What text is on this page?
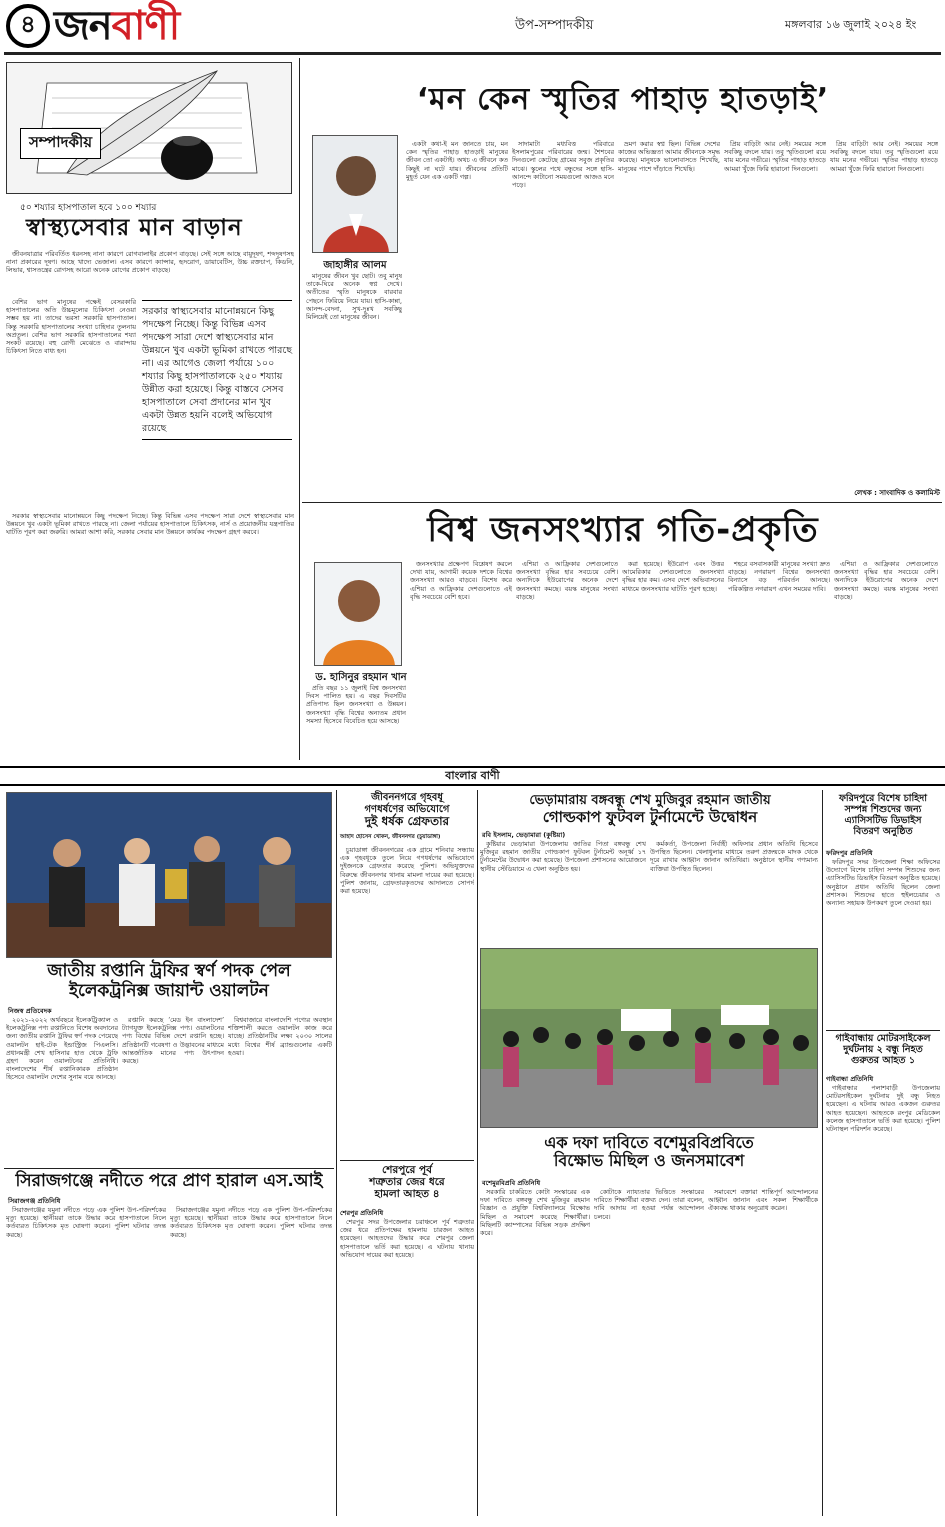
৪ জনবাণী	উপ-সম্পাদকীয়	মঙ্গলবার ১৬ জুলাই ২০২৪ ইং
সম্পাদকীয়
৫০ শয্যার হাসপাতাল হবে ১০০ শয্যার
স্বাস্থ্যসেবার মান বাড়ান

জীবনযাত্রার পরিবর্তিত ধরনসহ নানা কারণে রোগবালাইর প্রকোপ বাড়ছে। সেই সঙ্গে আছে বায়ুদূষণ, শব্দদূষণসহ নানা প্রকারের দূষণ। আছে খাদ্যে ভেজাল। এসব কারণে ক্যান্সার, হৃদরোগ, ডায়াবেটিস, উচ্চ রক্তচাপ, কিডনি, লিভার, শ্বাসতন্ত্রের রোগসহ আরো অনেক রোগের প্রকোপ বাড়ছে।

বেশির ভাগ মানুষের পক্ষেই বেসরকারি হাসপাতালের অতি উচ্চমূল্যের চিকিৎসা নেওয়া সম্ভব হয় না। তাদের ভরসা সরকারি হাসপাতাল। কিন্তু সরকারি হাসপাতালের সংখ্যা চাহিদার তুলনায় অপ্রতুল। বেশির ভাগ সরকারি হাসপাতালের শয্যা সংকট রয়েছে। বহু রোগী মেঝেতে ও বারান্দায় চিকিৎসা নিতে বাধ্য হন।

সরকার স্বাস্থ্যসেবার মানোন্নয়নে কিছু পদক্ষেপ নিচ্ছে। কিন্তু বিভিন্ন এসব পদক্ষেপ সারা দেশে স্বাস্থ্যসেবার মান উন্নয়নে খুব একটা ভূমিকা রাখতে পারছে না। এর আগেও জেলা পর্যায়ে ১০০ শয্যার কিছু হাসপাতালকে ২৫০ শয্যায় উন্নীত করা হয়েছে। কিন্তু বাস্তবে সেসব হাসপাতালে সেবা প্রদানের মান খুব একটা উন্নত হয়নি বলেই অভিযোগ রয়েছে

সরকার স্বাস্থ্যসেবার মানোন্নয়নে কিছু পদক্ষেপ নিচ্ছে। কিন্তু বিভিন্ন এসব পদক্ষেপ সারা দেশে স্বাস্থ্যসেবার মান উন্নয়নে খুব একটা ভূমিকা রাখতে পারছে না। জেলা পর্যায়ের হাসপাতালে চিকিৎসক, নার্স ও প্রয়োজনীয় যন্ত্রপাতির ঘাটতি পূরণ করা জরুরি। আমরা আশা করি, সরকার সেবার মান উন্নয়নে কার্যকর পদক্ষেপ গ্রহণ করবে।

‘মন কেন স্মৃতির পাহাড় হাতড়াই’
জাহাঙ্গীর আলম

মানুষের জীবন খুব ছোট। তবু মানুষ তাকে-ঘিরে অনেক স্বপ্ন দেখে। অতীতের স্মৃতি মানুষকে বারবার পেছনে ফিরিয়ে নিয়ে যায়। হাসি-কান্না, আনন্দ-বেদনা, সুখ-দুঃখ সবকিছু মিলিয়েই তো মানুষের জীবন।

একটা কথা-ই মন জানতে চায়, মন কেন স্মৃতির পাহাড় হাতড়াই মানুষের জীবন তো একটাই। অথচ এ জীবনে কত কিছুই না ঘটে যায়। জীবনের প্রতিটি মুহূর্ত যেন এক একটি গল্প।

সাদামাটা মধ্যবিত্ত পরিবারে ইসলামপুরের পরিবারের জন্ম। শৈশবের দিনগুলো কেটেছে গ্রামের সবুজ প্রকৃতির মাঝে। স্কুলের পথে বন্ধুদের সঙ্গে হাসি-আনন্দে কাটানো সময়গুলো আজও মনে পড়ে।

ভ্রমণ করার স্বপ্ন ছিল। বিভিন্ন দেশের কাজের অভিজ্ঞতা আমার জীবনকে সমৃদ্ধ করেছে। মানুষকে ভালোবাসতে শিখেছি, মানুষের পাশে দাঁড়াতে শিখেছি।

প্রিয় বাড়িটা আর নেই। সময়ের সঙ্গে সবকিছু বদলে যায়। তবু স্মৃতিগুলো রয়ে যায় মনের গভীরে। স্মৃতির পাহাড় হাতড়ে আমরা খুঁজে ফিরি হারানো দিনগুলো।

প্রিয় বাড়িটা আর নেই। সময়ের সঙ্গে সবকিছু বদলে যায়। তবু স্মৃতিগুলো রয়ে যায় মনের গভীরে। স্মৃতির পাহাড় হাতড়ে আমরা খুঁজে ফিরি হারানো দিনগুলো।

লেখক : সাংবাদিক ও কলামিস্ট
বিশ্ব জনসংখ্যার গতি-প্রকৃতি
ড. হাসিনুর রহমান খান

প্রতি বছর ১১ জুলাই বিশ্ব জনসংখ্যা দিবস পালিত হয়। এ বছর দিবসটির প্রতিপাদ্য ছিল জনসংখ্যা ও উন্নয়ন। জনসংখ্যা বৃদ্ধি বিশ্বের অন্যতম প্রধান সমস্যা হিসেবে বিবেচিত হয়ে আসছে।

জনসংখ্যার প্রক্ষেপণ বিশ্লেষণ করলে দেখা যায়, আগামী কয়েক দশকে বিশ্বের জনসংখ্যা আরও বাড়বে। বিশেষ করে এশিয়া ও আফ্রিকার দেশগুলোতে এই বৃদ্ধি সবচেয়ে বেশি হবে।

এশিয়া ও আফ্রিকার দেশগুলোতে জনসংখ্যা বৃদ্ধির হার সবচেয়ে বেশি। অন্যদিকে ইউরোপের অনেক দেশে জনসংখ্যা কমছে। বয়স্ক মানুষের সংখ্যা বাড়ছে।

করা হয়েছে। ইউরোপ এবং উত্তর আমেরিকার দেশগুলোতে জনসংখ্যা বৃদ্ধির হার কম। এসব দেশে অভিবাসনের মাধ্যমে জনসংখ্যার ঘাটতি পূরণ হচ্ছে।

শহরে বসবাসকারী মানুষের সংখ্যা দ্রুত বাড়ছে। নগরায়ণ বিশ্বের জনসংখ্যা বিন্যাসে বড় পরিবর্তন আনছে। পরিকল্পিত নগরায়ণ এখন সময়ের দাবি।

এশিয়া ও আফ্রিকার দেশগুলোতে জনসংখ্যা বৃদ্ধির হার সবচেয়ে বেশি। অন্যদিকে ইউরোপের অনেক দেশে জনসংখ্যা কমছে। বয়স্ক মানুষের সংখ্যা বাড়ছে।

বাংলার বাণী
জাতীয় রপ্তানি ট্রফির স্বর্ণ পদক পেল ইলেকট্রনিক্স জায়ান্ট ওয়ালটন
নিজস্ব প্রতিবেদক

২০২১-২০২২ অর্থবছরে ইলেকট্রিক্যাল ও ইলেকট্রনিক্স পণ্য রপ্তানিতে বিশেষ অবদানের জন্য জাতীয় রপ্তানি ট্রফির স্বর্ণ পদক পেয়েছে ওয়ালটন হাই-টেক ইন্ডাস্ট্রিজ পিএলসি। প্রধানমন্ত্রী শেখ হাসিনার হাত থেকে ট্রফি গ্রহণ করেন ওয়ালটনের প্রতিনিধি। বাংলাদেশের শীর্ষ রপ্তানিকারক প্রতিষ্ঠান হিসেবে ওয়ালটন দেশের সুনাম বয়ে আনছে।

রপ্তানি করছে ‘মেড ইন বাংলাদেশ’ ট্যাগযুক্ত ইলেকট্রনিক্স পণ্য। ওয়ালটনের পণ্য বিশ্বের বিভিন্ন দেশে রপ্তানি হচ্ছে। প্রতিষ্ঠানটি গবেষণা ও উদ্ভাবনের মাধ্যমে আন্তর্জাতিক মানের পণ্য উৎপাদন করছে।

বিশ্ববাজারে বাংলাদেশি পণ্যের অবস্থান শক্তিশালী করতে ওয়ালটন কাজ করে যাচ্ছে। প্রতিষ্ঠানটির লক্ষ্য ২০৩০ সালের মধ্যে বিশ্বের শীর্ষ ব্র্যান্ডগুলোর একটি হওয়া।

সিরাজগঞ্জে নদীতে পরে প্রাণ হারাল এস.আই
সিরাজগঞ্জ প্রতিনিধি

সিরাজগঞ্জের যমুনা নদীতে পড়ে এক পুলিশ উপ-পরিদর্শকের মৃত্যু হয়েছে। স্থানীয়রা তাকে উদ্ধার করে হাসপাতালে নিলে কর্তব্যরত চিকিৎসক মৃত ঘোষণা করেন। পুলিশ ঘটনার তদন্ত করছে।

সিরাজগঞ্জের যমুনা নদীতে পড়ে এক পুলিশ উপ-পরিদর্শকের মৃত্যু হয়েছে। স্থানীয়রা তাকে উদ্ধার করে হাসপাতালে নিলে কর্তব্যরত চিকিৎসক মৃত ঘোষণা করেন। পুলিশ ঘটনার তদন্ত করছে।

জীবননগরে গৃহবধূ
গণধর্ষণের অভিযোগে
দুই ধর্ষক গ্রেফতার
আহাদ হোসেন খোকন, জীবননগর (চুয়াডাঙ্গা)

চুয়াডাঙ্গা জীবননগরের এক গ্রামে শনিবার সন্ধ্যায় এক গৃহবধূকে তুলে নিয়ে গণধর্ষণের অভিযোগে দুইজনকে গ্রেফতার করেছে পুলিশ। অভিযুক্তদের বিরুদ্ধে জীবননগর থানায় মামলা দায়ের করা হয়েছে। পুলিশ জানায়, গ্রেফতারকৃতদের আদালতে সোপর্দ করা হয়েছে।

শেরপুরে পূর্ব
শত্রুতার জের ধরে
হামলা আহত ৪
শেরপুর প্রতিনিধি

শেরপুর সদর উপজেলার চরাঞ্চলে পূর্ব শত্রুতার জের ধরে প্রতিপক্ষের হামলায় চারজন আহত হয়েছেন। আহতদের উদ্ধার করে শেরপুর জেলা হাসপাতালে ভর্তি করা হয়েছে। এ ঘটনায় থানায় অভিযোগ দায়ের করা হয়েছে।

ভেড়ামারায় বঙ্গবন্ধু শেখ মুজিবুর রহমান জাতীয়
গোল্ডকাপ ফুটবল টুর্নামেন্টে উদ্বোধন
রবি ইসলাম, ভেড়ামারা (কুষ্টিয়া)

কুষ্টিয়ার ভেড়ামারা উপজেলায় জাতির পিতা বঙ্গবন্ধু শেখ মুজিবুর রহমান জাতীয় গোল্ডকাপ ফুটবল টুর্নামেন্ট অনূর্ধ্ব ১৭ টুর্নামেন্টের উদ্বোধন করা হয়েছে। উপজেলা প্রশাসনের আয়োজনে স্থানীয় স্টেডিয়ামে এ খেলা অনুষ্ঠিত হয়।

কর্মকর্তা, উপজেলা নির্বাহী অফিসার প্রধান অতিথি হিসেবে উপস্থিত ছিলেন। খেলাধুলার মাধ্যমে তরুণ প্রজন্মকে মাদক থেকে দূরে রাখার আহ্বান জানান অতিথিরা। অনুষ্ঠানে স্থানীয় গণ্যমান্য ব্যক্তিরা উপস্থিত ছিলেন।

এক দফা দাবিতে বশেমুরবিপ্রবিতে
বিক্ষোভ মিছিল ও জনসমাবেশ
বশেমুরবিপ্রবি প্রতিনিধি

সরকারি চাকরিতে কোটা সংস্কারের এক দফা দাবিতে বঙ্গবন্ধু শেখ মুজিবুর রহমান বিজ্ঞান ও প্রযুক্তি বিশ্ববিদ্যালয়ে বিক্ষোভ মিছিল ও সমাবেশ করেছে শিক্ষার্থীরা। মিছিলটি ক্যাম্পাসের বিভিন্ন সড়ক প্রদক্ষিণ করে।

কোটাকে ন্যায্যতার ভিত্তিতে সংস্কারের দাবিতে শিক্ষার্থীরা বক্তব্য দেন। তারা বলেন, দাবি আদায় না হওয়া পর্যন্ত আন্দোলন চলবে।

সমাবেশে বক্তারা শান্তিপূর্ণ আন্দোলনের আহ্বান জানান এবং সকল শিক্ষার্থীকে ঐক্যবদ্ধ থাকার অনুরোধ করেন।

ফরিদপুরে বিশেষ চাহিদা
সম্পন্ন শিশুদের জন্য
এ্যাসিসটিভ ডিভাইস
বিতরণ অনুষ্ঠিত
ফরিদপুর প্রতিনিধি

ফরিদপুর সদর উপজেলা শিক্ষা অফিসের উদ্যোগে বিশেষ চাহিদা সম্পন্ন শিশুদের জন্য এ্যাসিসটিভ ডিভাইস বিতরণ অনুষ্ঠিত হয়েছে। অনুষ্ঠানে প্রধান অতিথি ছিলেন জেলা প্রশাসক। শিশুদের হাতে হুইলচেয়ার ও অন্যান্য সহায়ক উপকরণ তুলে দেওয়া হয়।

গাইবান্ধায় মোটরসাইকেল
দুর্ঘটনায় ২ বন্ধু নিহত
গুরুতর আহত ১
গাইবান্ধা প্রতিনিধি

গাইবান্ধার পলাশবাড়ী উপজেলায় মোটরসাইকেল দুর্ঘটনায় দুই বন্ধু নিহত হয়েছেন। এ ঘটনায় আরও একজন গুরুতর আহত হয়েছেন। আহতকে রংপুর মেডিকেল কলেজ হাসপাতালে ভর্তি করা হয়েছে। পুলিশ ঘটনাস্থল পরিদর্শন করেছে।
